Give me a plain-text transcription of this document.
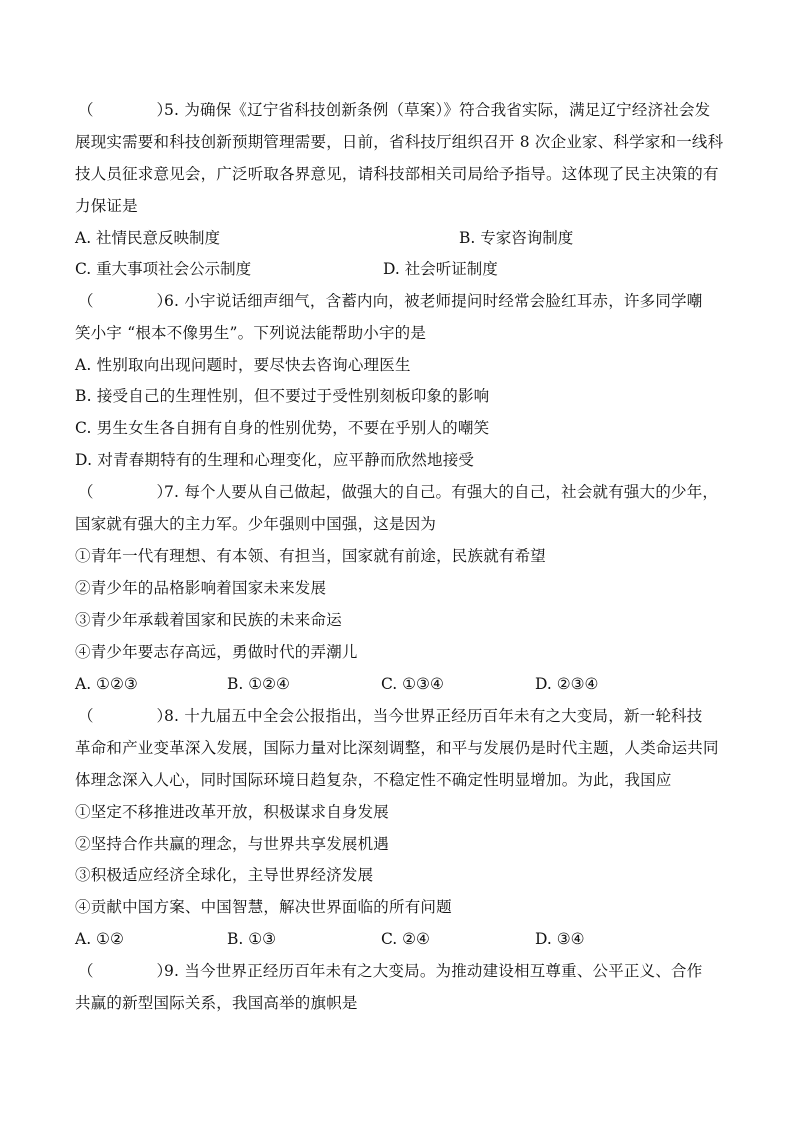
（　　　　）5. 为确保《辽宁省科技创新条例（草案）》符合我省实际，满足辽宁经济社会发
展现实需要和科技创新预期管理需要，日前，省科技厅组织召开 8 次企业家、科学家和一线科
技人员征求意见会，广泛听取各界意见，请科技部相关司局给予指导。这体现了民主决策的有
力保证是
A. 社情民意反映制度	B. 专家咨询制度
C. 重大事项社会公示制度	D. 社会听证制度
（　　　　）6. 小宇说话细声细气，含蓄内向，被老师提问时经常会脸红耳赤，许多同学嘲
笑小宇 “根本不像男生”。下列说法能帮助小宇的是
A. 性别取向出现问题时，要尽快去咨询心理医生
B. 接受自己的生理性别，但不要过于受性别刻板印象的影响
C. 男生女生各自拥有自身的性别优势，不要在乎别人的嘲笑
D. 对青春期特有的生理和心理变化，应平静而欣然地接受
（　　　　）7. 每个人要从自己做起，做强大的自己。有强大的自己，社会就有强大的少年，
国家就有强大的主力军。少年强则中国强，这是因为
①青年一代有理想、有本领、有担当，国家就有前途，民族就有希望
②青少年的品格影响着国家未来发展
③青少年承载着国家和民族的未来命运
④青少年要志存高远，勇做时代的弄潮儿
A. ①②③	B. ①②④	C. ①③④	D. ②③④
（　　　　）8. 十九届五中全会公报指出，当今世界正经历百年未有之大变局，新一轮科技
革命和产业变革深入发展，国际力量对比深刻调整，和平与发展仍是时代主题，人类命运共同
体理念深入人心，同时国际环境日趋复杂，不稳定性不确定性明显增加。为此，我国应
①坚定不移推进改革开放，积极谋求自身发展
②坚持合作共赢的理念，与世界共享发展机遇
③积极适应经济全球化，主导世界经济发展
④贡献中国方案、中国智慧，解决世界面临的所有问题
A. ①②	B. ①③	C. ②④	D. ③④
（　　　　）9. 当今世界正经历百年未有之大变局。为推动建设相互尊重、公平正义、合作
共赢的新型国际关系，我国高举的旗帜是
